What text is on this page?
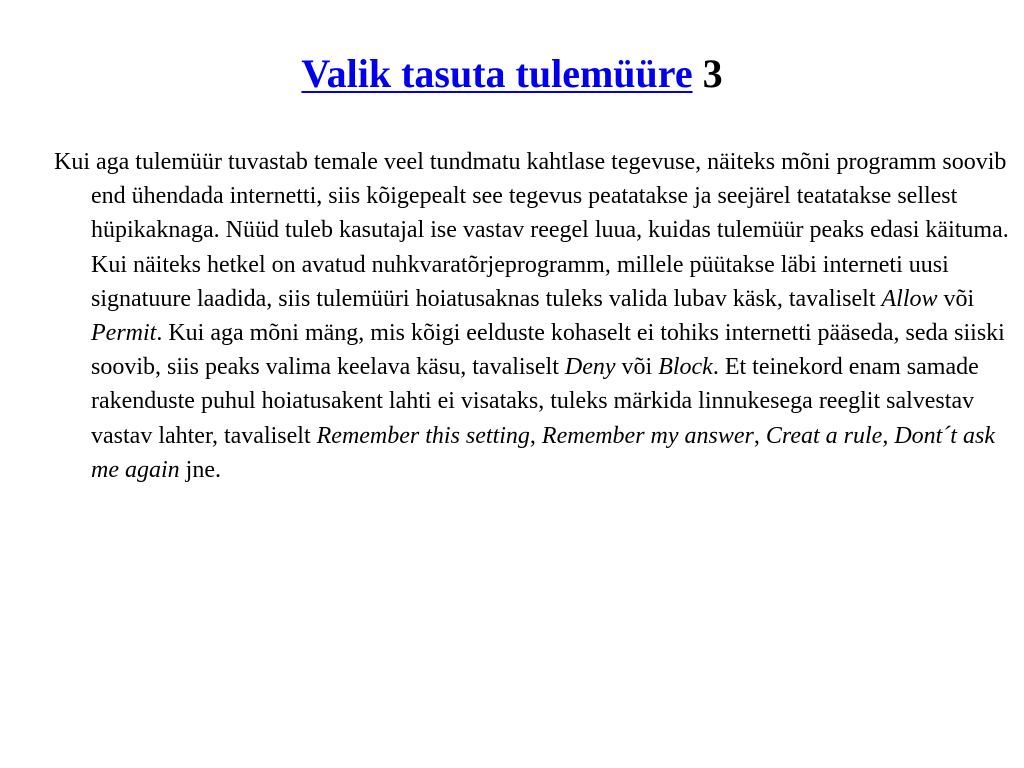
Valik tasuta tulemüüre 3

Kui aga tulemüür tuvastab temale veel tundmatu kahtlase tegevuse, näiteks mõni programm soovib end ühendada internetti, siis kõigepealt see tegevus peatatakse ja seejärel teatatakse sellest hüpikaknaga. Nüüd tuleb kasutajal ise vastav reegel luua, kuidas tulemüür peaks edasi käituma. Kui näiteks hetkel on avatud nuhkvaratõrjeprogramm, millele püütakse läbi interneti uusi signatuure laadida, siis tulemüüri hoiatusaknas tuleks valida lubav käsk, tavaliselt Allow või Permit. Kui aga mõni mäng, mis kõigi eelduste kohaselt ei tohiks internetti pääseda, seda siiski soovib, siis peaks valima keelava käsu, tavaliselt Deny või Block. Et teinekord enam samade rakenduste puhul hoiatusakent lahti ei visataks, tuleks märkida linnukesega reeglit salvestav vastav lahter, tavaliselt Remember this setting, Remember my answer, Creat a rule, Dont´t ask me again jne.
